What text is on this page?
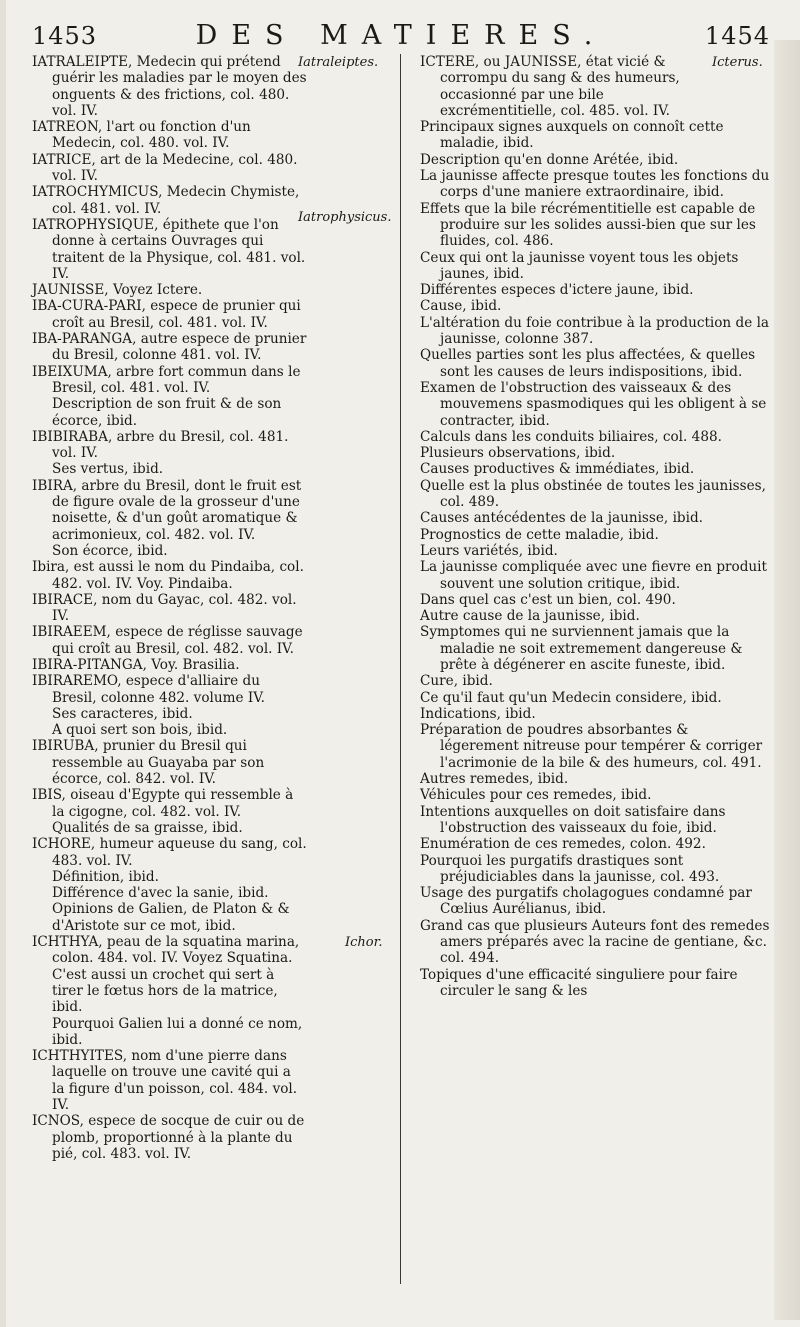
1453	DES MATIERES.	1454

IATRALEIPTE, Medecin qui prétend guérir les maladies par le moyen des onguents & des frictions, col. 480. vol. IV.

IATREON, l'art ou fonction d'un Medecin, col. 480. vol. IV.

IATRICE, art de la Medecine, col. 480. vol. IV.

IATROCHYMICUS, Medecin Chymiste, col. 481. vol. IV.

IATROPHYSIQUE, épithete que l'on donne à certains Ouvrages qui traitent de la Physique, col. 481. vol. IV.

JAUNISSE, Voyez Ictere.

IBA-CURA-PARI, espece de prunier qui croît au Bresil, col. 481. vol. IV.

IBA-PARANGA, autre espece de prunier du Bresil, colonne 481. vol. IV.

IBEIXUMA, arbre fort commun dans le Bresil, col. 481. vol. IV.

Description de son fruit & de son écorce, ibid.

IBIBIRABA, arbre du Bresil, col. 481. vol. IV.

Ses vertus, ibid.

IBIRA, arbre du Bresil, dont le fruit est de figure ovale de la grosseur d'une noisette, & d'un goût aromatique & acrimonieux, col. 482. vol. IV.

Son écorce, ibid.

Ibira, est aussi le nom du Pindaiba, col. 482. vol. IV. Voy. Pindaiba.

IBIRACE, nom du Gayac, col. 482. vol. IV.

IBIRAEEM, espece de réglisse sauvage qui croît au Bresil, col. 482. vol. IV.

IBIRA-PITANGA, Voy. Brasilia.

IBIRAREMO, espece d'alliaire du Bresil, colonne 482. volume IV.

Ses caracteres, ibid.

A quoi sert son bois, ibid.

IBIRUBA, prunier du Bresil qui ressemble au Guayaba par son écorce, col. 842. vol. IV.

IBIS, oiseau d'Egypte qui ressemble à la cigogne, col. 482. vol. IV.

Qualités de sa graisse, ibid.

ICHORE, humeur aqueuse du sang, col. 483. vol. IV.

Définition, ibid.

Différence d'avec la sanie, ibid.

Opinions de Galien, de Platon & & d'Aristote sur ce mot, ibid.

ICHTHYA, peau de la squatina marina, colon. 484. vol. IV. Voyez Squatina.

C'est aussi un crochet qui sert à tirer le fœtus hors de la matrice, ibid.

Pourquoi Galien lui a donné ce nom, ibid.

ICHTHYITES, nom d'une pierre dans laquelle on trouve une cavité qui a la figure d'un poisson, col. 484. vol. IV.

ICNOS, espece de socque de cuir ou de plomb, proportionné à la plante du pié, col. 483. vol. IV.

Iatraleiptes.
Iatrophysicus.
Ichor.
Icterus.

ICTERE, ou JAUNISSE, état vicié & corrompu du sang & des humeurs, occasionné par une bile excrémentitielle, col. 485. vol. IV.

Principaux signes auxquels on connoît cette maladie, ibid.

Description qu'en donne Arétée, ibid.

La jaunisse affecte presque toutes les fonctions du corps d'une maniere extraordinaire, ibid.

Effets que la bile récrémentitielle est capable de produire sur les solides aussi-bien que sur les fluides, col. 486.

Ceux qui ont la jaunisse voyent tous les objets jaunes, ibid.

Différentes especes d'ictere jaune, ibid.

Cause, ibid.

L'altération du foie contribue à la production de la jaunisse, colonne 387.

Quelles parties sont les plus affectées, & quelles sont les causes de leurs indispositions, ibid.

Examen de l'obstruction des vaisseaux & des mouvemens spasmodiques qui les obligent à se contracter, ibid.

Calculs dans les conduits biliaires, col. 488.

Plusieurs observations, ibid.

Causes productives & immédiates, ibid.

Quelle est la plus obstinée de toutes les jaunisses, col. 489.

Causes antécédentes de la jaunisse, ibid.

Prognostics de cette maladie, ibid.

Leurs variétés, ibid.

La jaunisse compliquée avec une fievre en produit souvent une solution critique, ibid.

Dans quel cas c'est un bien, col. 490.

Autre cause de la jaunisse, ibid.

Symptomes qui ne surviennent jamais que la maladie ne soit extremement dangereuse & prête à dégénerer en ascite funeste, ibid.

Cure, ibid.

Ce qu'il faut qu'un Medecin considere, ibid.

Indications, ibid.

Préparation de poudres absorbantes & légerement nitreuse pour tempérer & corriger l'acrimonie de la bile & des humeurs, col. 491.

Autres remedes, ibid.

Véhicules pour ces remedes, ibid.

Intentions auxquelles on doit satisfaire dans l'obstruction des vaisseaux du foie, ibid.

Enumération de ces remedes, colon. 492.

Pourquoi les purgatifs drastiques sont préjudiciables dans la jaunisse, col. 493.

Usage des purgatifs cholagogues condamné par Cœlius Aurélianus, ibid.

Grand cas que plusieurs Auteurs font des remedes amers préparés avec la racine de gentiane, &c. col. 494.

Topiques d'une efficacité singuliere pour faire circuler le sang & les
